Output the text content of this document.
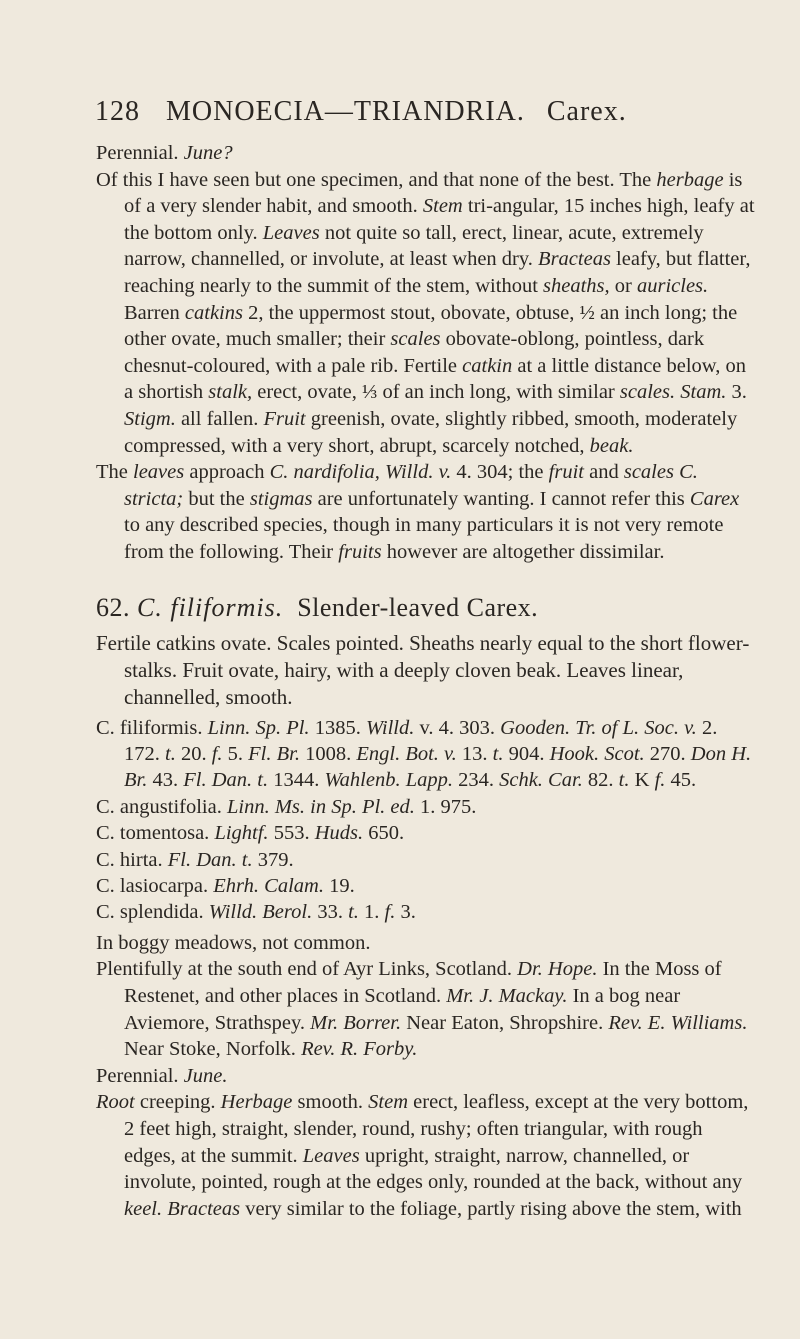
128 MONOECIA—TRIANDRIA. Carex.

Perennial. June?

Of this I have seen but one specimen, and that none of the best. The herbage is of a very slender habit, and smooth. Stem tri-angular, 15 inches high, leafy at the bottom only. Leaves not quite so tall, erect, linear, acute, extremely narrow, channelled, or involute, at least when dry. Bracteas leafy, but flatter, reaching nearly to the summit of the stem, without sheaths, or auricles. Barren catkins 2, the uppermost stout, obovate, obtuse, ½ an inch long; the other ovate, much smaller; their scales obovate-oblong, pointless, dark chesnut-coloured, with a pale rib. Fertile catkin at a little distance below, on a shortish stalk, erect, ovate, ⅓ of an inch long, with similar scales. Stam. 3. Stigm. all fallen. Fruit greenish, ovate, slightly ribbed, smooth, moderately compressed, with a very short, abrupt, scarcely notched, beak.

The leaves approach C. nardifolia, Willd. v. 4. 304; the fruit and scales C. stricta; but the stigmas are unfortunately wanting. I cannot refer this Carex to any described species, though in many particulars it is not very remote from the following. Their fruits however are altogether dissimilar.

62. C. filiformis. Slender-leaved Carex.

Fertile catkins ovate. Scales pointed. Sheaths nearly equal to the short flower-stalks. Fruit ovate, hairy, with a deeply cloven beak. Leaves linear, channelled, smooth.

C. filiformis. Linn. Sp. Pl. 1385. Willd. v. 4. 303. Gooden. Tr. of L. Soc. v. 2. 172. t. 20. f. 5. Fl. Br. 1008. Engl. Bot. v. 13. t. 904. Hook. Scot. 270. Don H. Br. 43. Fl. Dan. t. 1344. Wahlenb. Lapp. 234. Schk. Car. 82. t. K f. 45.

C. angustifolia. Linn. Ms. in Sp. Pl. ed. 1. 975.

C. tomentosa. Lightf. 553. Huds. 650.

C. hirta. Fl. Dan. t. 379.

C. lasiocarpa. Ehrh. Calam. 19.

C. splendida. Willd. Berol. 33. t. 1. f. 3.

In boggy meadows, not common.

Plentifully at the south end of Ayr Links, Scotland. Dr. Hope. In the Moss of Restenet, and other places in Scotland. Mr. J. Mackay. In a bog near Aviemore, Strathspey. Mr. Borrer. Near Eaton, Shropshire. Rev. E. Williams. Near Stoke, Norfolk. Rev. R. Forby.

Perennial. June.

Root creeping. Herbage smooth. Stem erect, leafless, except at the very bottom, 2 feet high, straight, slender, round, rushy; often triangular, with rough edges, at the summit. Leaves upright, straight, narrow, channelled, or involute, pointed, rough at the edges only, rounded at the back, without any keel. Bracteas very similar to the foliage, partly rising above the stem, with
